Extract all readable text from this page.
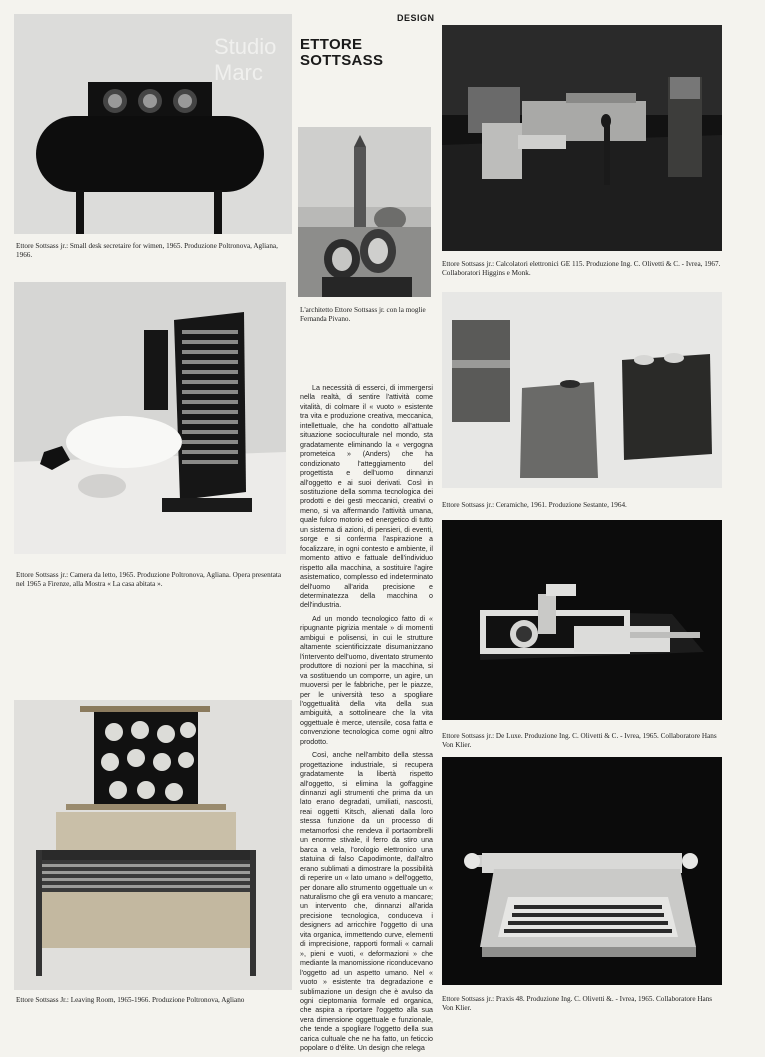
DESIGN
ETTORE
SOTTSASS
Studio
Marc
Ettore Sottsass jr.: Small desk secretaire for wimen, 1965. Produzione Poltronova, Agliana, 1966.
Ettore Sottsass jr.: Camera da letto, 1965. Produzione Poltronova, Agliana. Opera presentata nel 1965 a Firenze, alla Mostra « La casa abitata ».
Ettore Sottsass Jr.: Leaving Room, 1965-1966. Produzione Poltronova, Agliano
L'architetto Ettore Sottsass jr. con la moglie Fernanda Pivano.

La necessità di esserci, di immergersi nella realtà, di sentire l'attività come vitalità, di colmare il « vuoto » esistente tra vita e produzione creativa, meccanica, intellettuale, che ha condotto all'attuale situazione socioculturale nel mondo, sta gradatamente eliminando la « vergogna prometeica » (Anders) che ha condizionato l'atteggiamento del progettista e dell'uomo dinnanzi all'oggetto e ai suoi derivati. Così in sostituzione della somma tecnologica dei prodotti e dei gesti meccanici, creativi o meno, si va affermando l'attività umana, quale fulcro motorio ed energetico di tutto un sistema di azioni, di pensieri, di eventi, sorge e si conferma l'aspirazione a focalizzare, in ogni contesto e ambiente, il momento attivo e fattuale dell'individuo rispetto alla macchina, a sostituire l'agire asistematico, complesso ed indeterminato dell'uomo all'arida precisione e determinatezza della macchina o dell'industria.

Ad un mondo tecnologico fatto di « ripugnante pigrizia mentale » di momenti ambigui e polisensi, in cui le strutture altamente scientificizzate disumanizzano l'intervento dell'uomo, diventato strumento produttore di nozioni per la macchina, si va sostituendo un comporre, un agire, un muoversi per le fabbriche, per le piazze, per le università teso a spogliare l'oggettualità della vita della sua ambiguità, a sottolineare che la vita oggettuale è merce, utensile, cosa fatta e convenzione tecnologica come ogni altro prodotto.

Così, anche nell'ambito della stessa progettazione industriale, si recupera gradatamente la libertà rispetto all'oggetto, si elimina la goffaggine dinnanzi agli strumenti che prima da un lato erano degradati, umiliati, nascosti, reai oggetti Kitsch, alienati dalla loro stessa funzione da un processo di metamorfosi che rendeva il portaombrelli un enorme stivale, il ferro da stiro una barca a vela, l'orologio elettronico una statuina di falso Capodimonte, dall'altro erano sublimati a dimostrare la possibilità di reperire un « lato umano » dell'oggetto, per donare allo strumento oggettuale un « naturalismo che gli era venuto a mancare; un intervento che, dinnanzi all'arida precisione tecnologica, conduceva i designers ad arricchire l'oggetto di una vita organica, immettendo curve, elementi di imprecisione, rapporti formali « carnali », pieni e vuoti, « deformazioni » che mediante la manomissione riconducevano l'oggetto ad un aspetto umano. Nel « vuoto » esistente tra degradazione e sublimazione un design che è avulso da ogni cieptomania formale ed organica, che aspira a riportare l'oggetto alla sua vera dimensione oggettuale e funzionale, che tende a spogliare l'oggetto della sua carica cultuale che ne ha fatto, un feticcio popolare o d'élite. Un design che relega

Ettore Sottsass jr.: Calcolatori elettronici GE 115. Produzione Ing. C. Olivetti & C. - Ivrea, 1967. Collaboratori Higgins e Monk.
Ettore Sottsass jr.: Ceramiche, 1961. Produzione Sestante, 1964.
Ettore Sottsass jr.: De Luxe. Produzione Ing. C. Olivetti & C. - Ivrea, 1965. Collaboratore Hans Von Klier.
Ettore Sottsass jr.: Praxis 48. Produzione Ing. C. Olivetti &. - Ivrea, 1965. Collaboratore Hans Von Klier.
